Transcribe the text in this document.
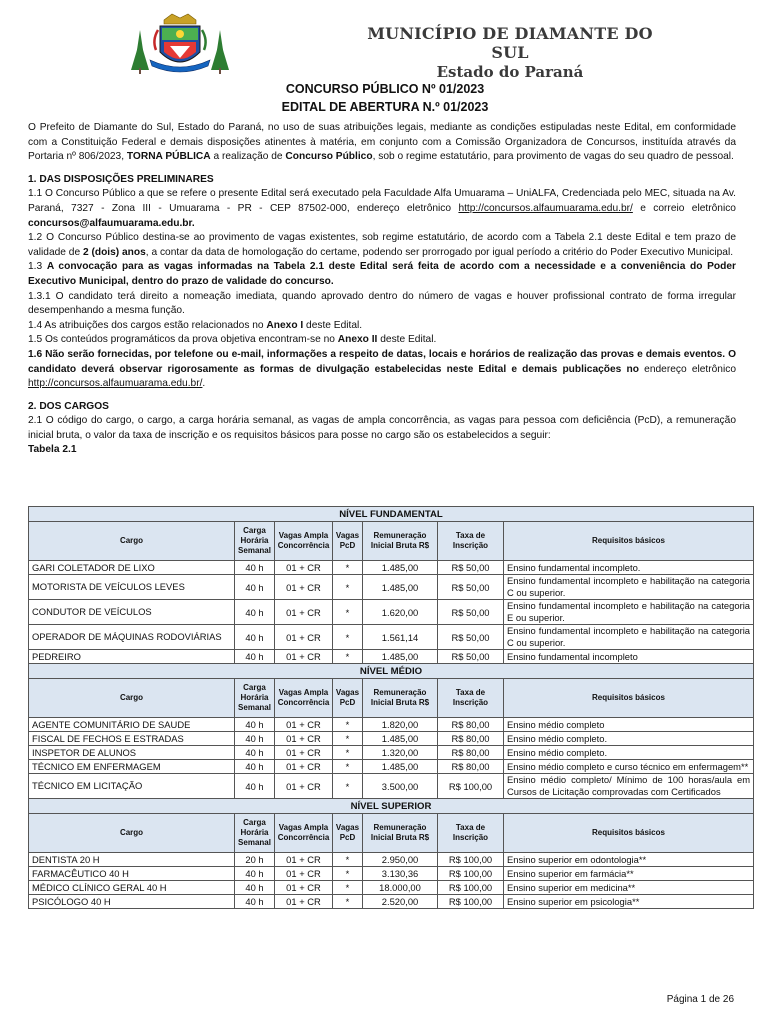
MUNICÍPIO DE DIAMANTE DO SUL
Estado do Paraná
CONCURSO PÚBLICO Nº 01/2023
EDITAL DE ABERTURA N.º 01/2023

O Prefeito de Diamante do Sul, Estado do Paraná, no uso de suas atribuições legais, mediante as condições estipuladas neste Edital, em conformidade com a Constituição Federal e demais disposições atinentes à matéria, em conjunto com a Comissão Organizadora de Concursos, instituída através da Portaria nº 806/2023, TORNA PÚBLICA a realização de Concurso Público, sob o regime estatutário, para provimento de vagas do seu quadro de pessoal.

1. DAS DISPOSIÇÕES PRELIMINARES

1.1 O Concurso Público a que se refere o presente Edital será executado pela Faculdade Alfa Umuarama – UniALFA, Credenciada pelo MEC, situada na Av. Paraná, 7327 - Zona III - Umuarama - PR - CEP 87502-000, endereço eletrônico http://concursos.alfaumuarama.edu.br/ e correio eletrônico concursos@alfaumuarama.edu.br.

1.2 O Concurso Público destina-se ao provimento de vagas existentes, sob regime estatutário, de acordo com a Tabela 2.1 deste Edital e tem prazo de validade de 2 (dois) anos, a contar da data de homologação do certame, podendo ser prorrogado por igual período a critério do Poder Executivo Municipal.

1.3 A convocação para as vagas informadas na Tabela 2.1 deste Edital será feita de acordo com a necessidade e a conveniência do Poder Executivo Municipal, dentro do prazo de validade do concurso.

1.3.1 O candidato terá direito a nomeação imediata, quando aprovado dentro do número de vagas e houver profissional contrato de forma irregular desempenhando a mesma função.

1.4 As atribuições dos cargos estão relacionados no Anexo I deste Edital.

1.5 Os conteúdos programáticos da prova objetiva encontram-se no Anexo II deste Edital.

1.6 Não serão fornecidas, por telefone ou e-mail, informações a respeito de datas, locais e horários de realização das provas e demais eventos. O candidato deverá observar rigorosamente as formas de divulgação estabelecidas neste Edital e demais publicações no endereço eletrônico http://concursos.alfaumuarama.edu.br/.

2. DOS CARGOS

2.1 O código do cargo, o cargo, a carga horária semanal, as vagas de ampla concorrência, as vagas para pessoa com deficiência (PcD), a remuneração inicial bruta, o valor da taxa de inscrição e os requisitos básicos para posse no cargo são os estabelecidos a seguir:

Tabela 2.1

NÍVEL FUNDAMENTAL						
Cargo	Carga Horária Semanal	Vagas Ampla Concorrência	Vagas PcD	Remuneração Inicial Bruta R$	Taxa de Inscrição	Requisitos básicos
GARI COLETADOR DE LIXO	40 h	01 + CR	*	1.485,00	R$ 50,00	Ensino fundamental incompleto.
MOTORISTA DE VEÍCULOS LEVES	40 h	01 + CR	*	1.485,00	R$ 50,00	Ensino fundamental incompleto e habilitação na categoria C ou superior.
CONDUTOR DE VEÍCULOS	40 h	01 + CR	*	1.620,00	R$ 50,00	Ensino fundamental incompleto e habilitação na categoria E ou superior.
OPERADOR DE MÁQUINAS RODOVIÁRIAS	40 h	01 + CR	*	1.561,14	R$ 50,00	Ensino fundamental incompleto e habilitação na categoria C ou superior.
PEDREIRO	40 h	01 + CR	*	1.485,00	R$ 50,00	Ensino fundamental incompleto
NÍVEL MÉDIO						
Cargo	Carga Horária Semanal	Vagas Ampla Concorrência	Vagas PcD	Remuneração Inicial Bruta R$	Taxa de Inscrição	Requisitos básicos
AGENTE COMUNITÁRIO DE SAUDE	40 h	01 + CR	*	1.820,00	R$ 80,00	Ensino médio completo
FISCAL DE FECHOS E ESTRADAS	40 h	01 + CR	*	1.485,00	R$ 80,00	Ensino médio completo.
INSPETOR DE ALUNOS	40 h	01 + CR	*	1.320,00	R$ 80,00	Ensino médio completo.
TÉCNICO EM ENFERMAGEM	40 h	01 + CR	*	1.485,00	R$ 80,00	Ensino médio completo e curso técnico em enfermagem**
TÉCNICO EM LICITAÇÃO	40 h	01 + CR	*	3.500,00	R$ 100,00	Ensino médio completo/ Mínimo de 100 horas/aula em Cursos de Licitação comprovadas com Certificados
NÍVEL SUPERIOR						
Cargo	Carga Horária Semanal	Vagas Ampla Concorrência	Vagas PcD	Remuneração Inicial Bruta R$	Taxa de Inscrição	Requisitos básicos
DENTISTA 20 H	20 h	01 + CR	*	2.950,00	R$ 100,00	Ensino superior em odontologia**
FARMACÊUTICO 40 H	40 h	01 + CR	*	3.130,36	R$ 100,00	Ensino superior em farmácia**
MÉDICO CLÍNICO GERAL 40 H	40 h	01 + CR	*	18.000,00	R$ 100,00	Ensino superior em medicina**
PSICÓLOGO 40 H	40 h	01 + CR	*	2.520,00	R$ 100,00	Ensino superior em psicologia**
Página 1 de 26
